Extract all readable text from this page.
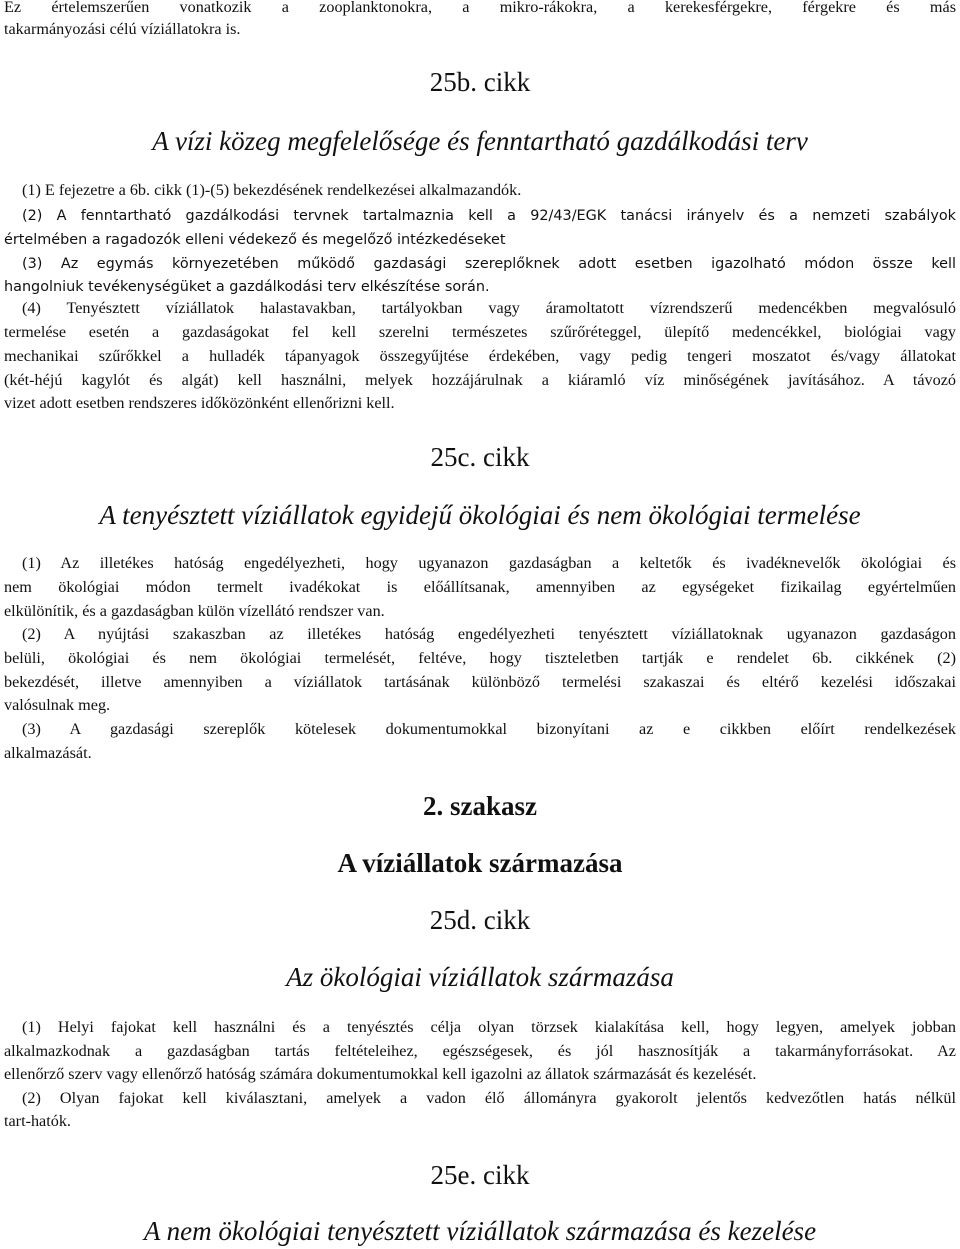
Ez értelemszerűen vonatkozik a zooplanktonokra, a mikro-rákokra, a kerekesférgekre, férgekre és más

takarmányozási célú víziállatokra is.

25b. cikk
A vízi közeg megfelelősége és fenntartható gazdálkodási terv

(1) E fejezetre a 6b. cikk (1)-(5) bekezdésének rendelkezései alkalmazandók.

(2) A fenntartható gazdálkodási tervnek tartalmaznia kell a 92/43/EGK tanácsi irányelv és a nemzeti szabályok

értelmében a ragadozók elleni védekező és megelőző intézkedéseket

(3) Az egymás környezetében működő gazdasági szereplőknek adott esetben igazolható módon össze kell

hangolniuk tevékenységüket a gazdálkodási terv elkészítése során.

(4) Tenyésztett víziállatok halastavakban, tartályokban vagy áramoltatott vízrendszerű medencékben megvalósuló

termelése esetén a gazdaságokat fel kell szerelni természetes szűrőréteggel, ülepítő medencékkel, biológiai vagy

mechanikai szűrőkkel a hulladék tápanyagok összegyűjtése érdekében, vagy pedig tengeri moszatot és/vagy állatokat

(két-héjú kagylót és algát) kell használni, melyek hozzájárulnak a kiáramló víz minőségének javításához. A távozó

vizet adott esetben rendszeres időközönként ellenőrizni kell.

25c. cikk
A tenyésztett víziállatok egyidejű ökológiai és nem ökológiai termelése

(1) Az illetékes hatóság engedélyezheti, hogy ugyanazon gazdaságban a keltetők és ivadéknevelők ökológiai és

nem ökológiai módon termelt ivadékokat is előállítsanak, amennyiben az egységeket fizikailag egyértelműen

elkülönítik, és a gazdaságban külön vízellátó rendszer van.

(2) A nyújtási szakaszban az illetékes hatóság engedélyezheti tenyésztett víziállatoknak ugyanazon gazdaságon

belüli, ökológiai és nem ökológiai termelését, feltéve, hogy tiszteletben tartják e rendelet 6b. cikkének (2)

bekezdését, illetve amennyiben a víziállatok tartásának különböző termelési szakaszai és eltérő kezelési időszakai

valósulnak meg.

(3) A gazdasági szereplők kötelesek dokumentumokkal bizonyítani az e cikkben előírt rendelkezések

alkalmazását.

2. szakasz
A víziállatok származása
25d. cikk
Az ökológiai víziállatok származása

(1) Helyi fajokat kell használni és a tenyésztés célja olyan törzsek kialakítása kell, hogy legyen, amelyek jobban

alkalmazkodnak a gazdaságban tartás feltételeihez, egészségesek, és jól hasznosítják a takarmányforrásokat. Az

ellenőrző szerv vagy ellenőrző hatóság számára dokumentumokkal kell igazolni az állatok származását és kezelését.

(2) Olyan fajokat kell kiválasztani, amelyek a vadon élő állományra gyakorolt jelentős kedvezőtlen hatás nélkül

tart-hatók.

25e. cikk
A nem ökológiai tenyésztett víziállatok származása és kezelése
